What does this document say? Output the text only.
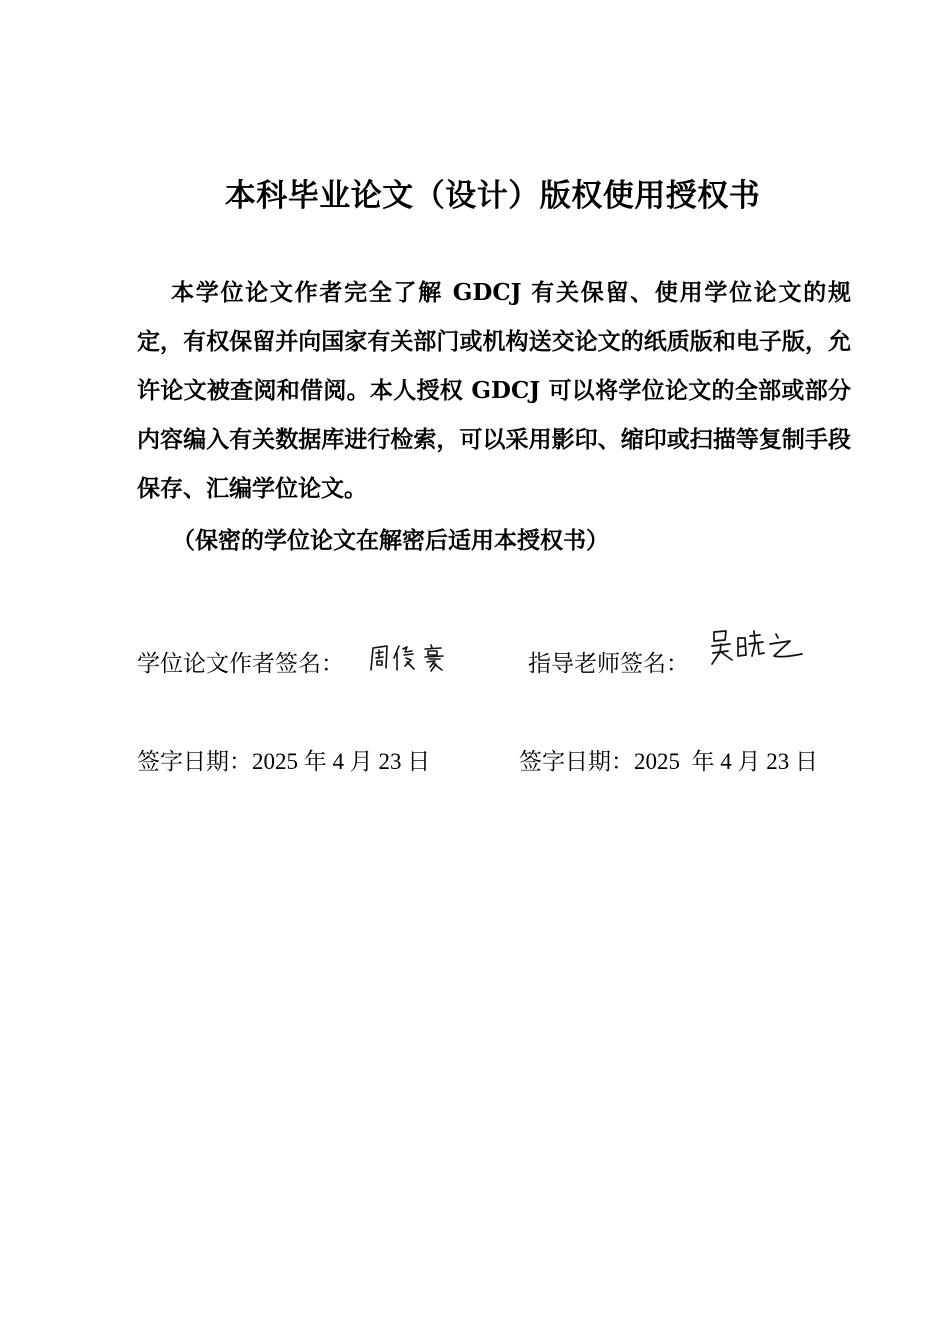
本科毕业论文（设计）版权使用授权书
本学位论文作者完全了解 GDCJ 有关保留、使用学位论文的规定，有权保留并向国家有关部门或机构送交论文的纸质版和电子版，允许论文被查阅和借阅。本人授权 GDCJ 可以将学位论文的全部或部分内容编入有关数据库进行检索，可以采用影印、缩印或扫描等复制手段保存、汇编学位论文。
（保密的学位论文在解密后适用本授权书）
学位论文作者签名：	指导老师签名：
签字日期：2025 年 4 月 23 日	签字日期：2025  年 4 月 23 日
